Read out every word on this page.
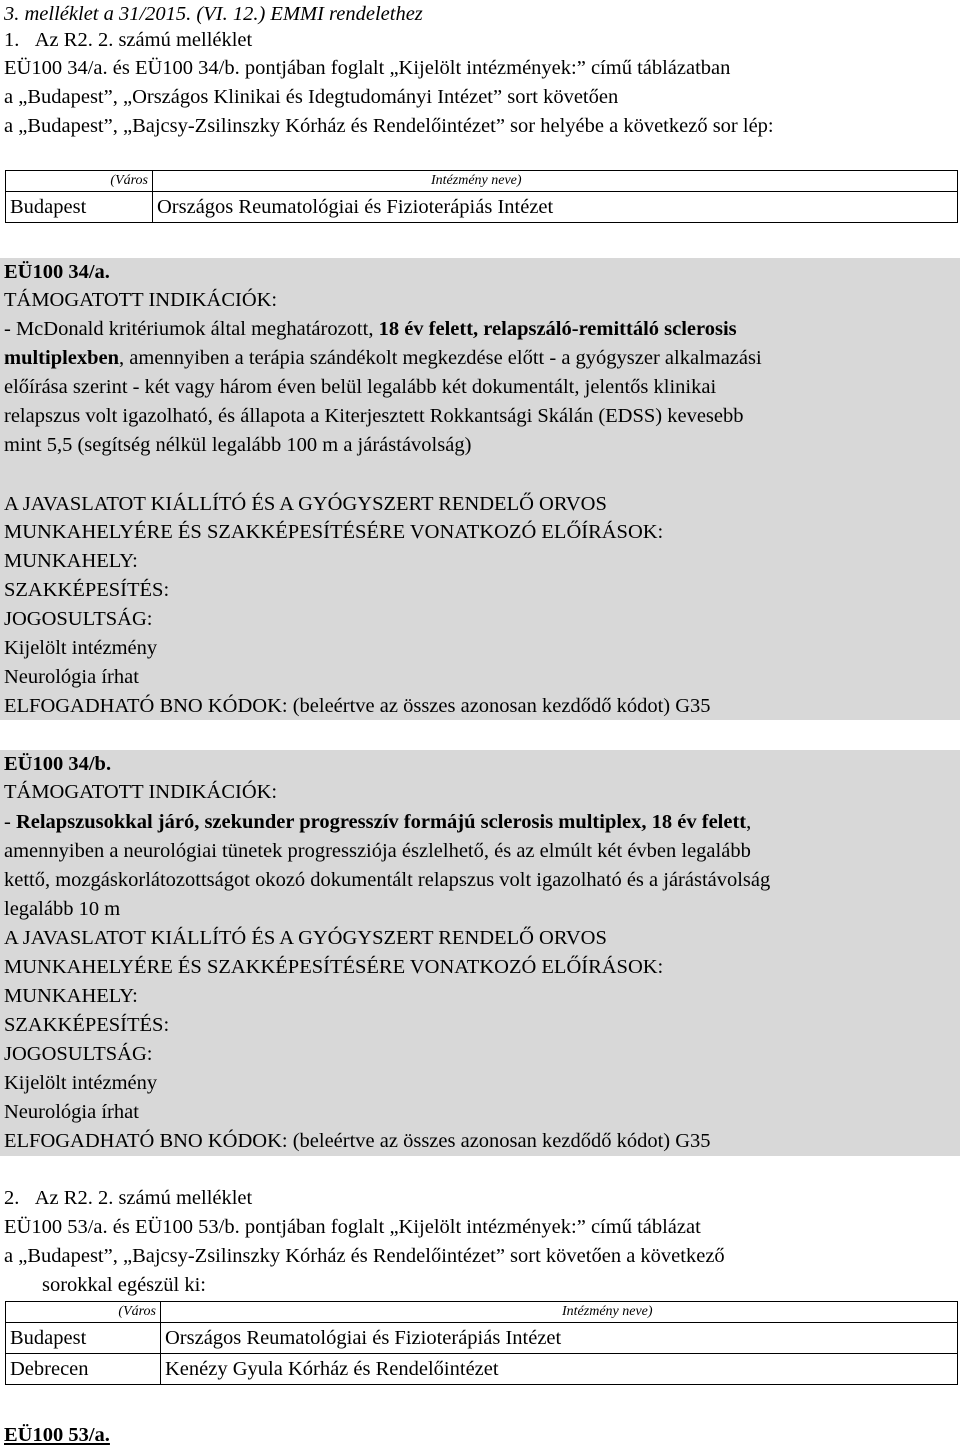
3. melléklet a 31/2015. (VI. 12.) EMMI rendelethez
1.   Az R2. 2. számú melléklet
EÜ100 34/a. és EÜ100 34/b. pontjában foglalt „Kijelölt intézmények:” című táblázatban
a „Budapest”, „Országos Klinikai és Idegtudományi Intézet” sort követően
a „Budapest”, „Bajcsy-Zsilinszky Kórház és Rendelőintézet” sor helyébe a következő sor lép:
(Város	Intézmény neve)
Budapest	Országos Reumatológiai és Fizioterápiás Intézet
EÜ100 34/a.
TÁMOGATOTT INDIKÁCIÓK:
- McDonald kritériumok által meghatározott, 18 év felett, relapszáló-remittáló sclerosis
multiplexben, amennyiben a terápia szándékolt megkezdése előtt - a gyógyszer alkalmazási
előírása szerint - két vagy három éven belül legalább két dokumentált, jelentős klinikai
relapszus volt igazolható, és állapota a Kiterjesztett Rokkantsági Skálán (EDSS) kevesebb
mint 5,5 (segítség nélkül legalább 100 m a járástávolság)
A JAVASLATOT KIÁLLÍTÓ ÉS A GYÓGYSZERT RENDELŐ ORVOS
MUNKAHELYÉRE ÉS SZAKKÉPESÍTÉSÉRE VONATKOZÓ ELŐÍRÁSOK:
MUNKAHELY:
SZAKKÉPESÍTÉS:
JOGOSULTSÁG:
Kijelölt intézmény
Neurológia írhat
ELFOGADHATÓ BNO KÓDOK: (beleértve az összes azonosan kezdődő kódot) G35
EÜ100 34/b.
TÁMOGATOTT INDIKÁCIÓK:
- Relapszusokkal járó, szekunder progresszív formájú sclerosis multiplex, 18 év felett,
amennyiben a neurológiai tünetek progressziója észlelhető, és az elmúlt két évben legalább
kettő, mozgáskorlátozottságot okozó dokumentált relapszus volt igazolható és a járástávolság
legalább 10 m
A JAVASLATOT KIÁLLÍTÓ ÉS A GYÓGYSZERT RENDELŐ ORVOS
MUNKAHELYÉRE ÉS SZAKKÉPESÍTÉSÉRE VONATKOZÓ ELŐÍRÁSOK:
MUNKAHELY:
SZAKKÉPESÍTÉS:
JOGOSULTSÁG:
Kijelölt intézmény
Neurológia írhat
ELFOGADHATÓ BNO KÓDOK: (beleértve az összes azonosan kezdődő kódot) G35
2.   Az R2. 2. számú melléklet
EÜ100 53/a. és EÜ100 53/b. pontjában foglalt „Kijelölt intézmények:” című táblázat
a „Budapest”, „Bajcsy-Zsilinszky Kórház és Rendelőintézet” sort követően a következő
sorokkal egészül ki:
(Város	Intézmény neve)
Budapest	Országos Reumatológiai és Fizioterápiás Intézet
Debrecen	Kenézy Gyula Kórház és Rendelőintézet
EÜ100 53/a.
